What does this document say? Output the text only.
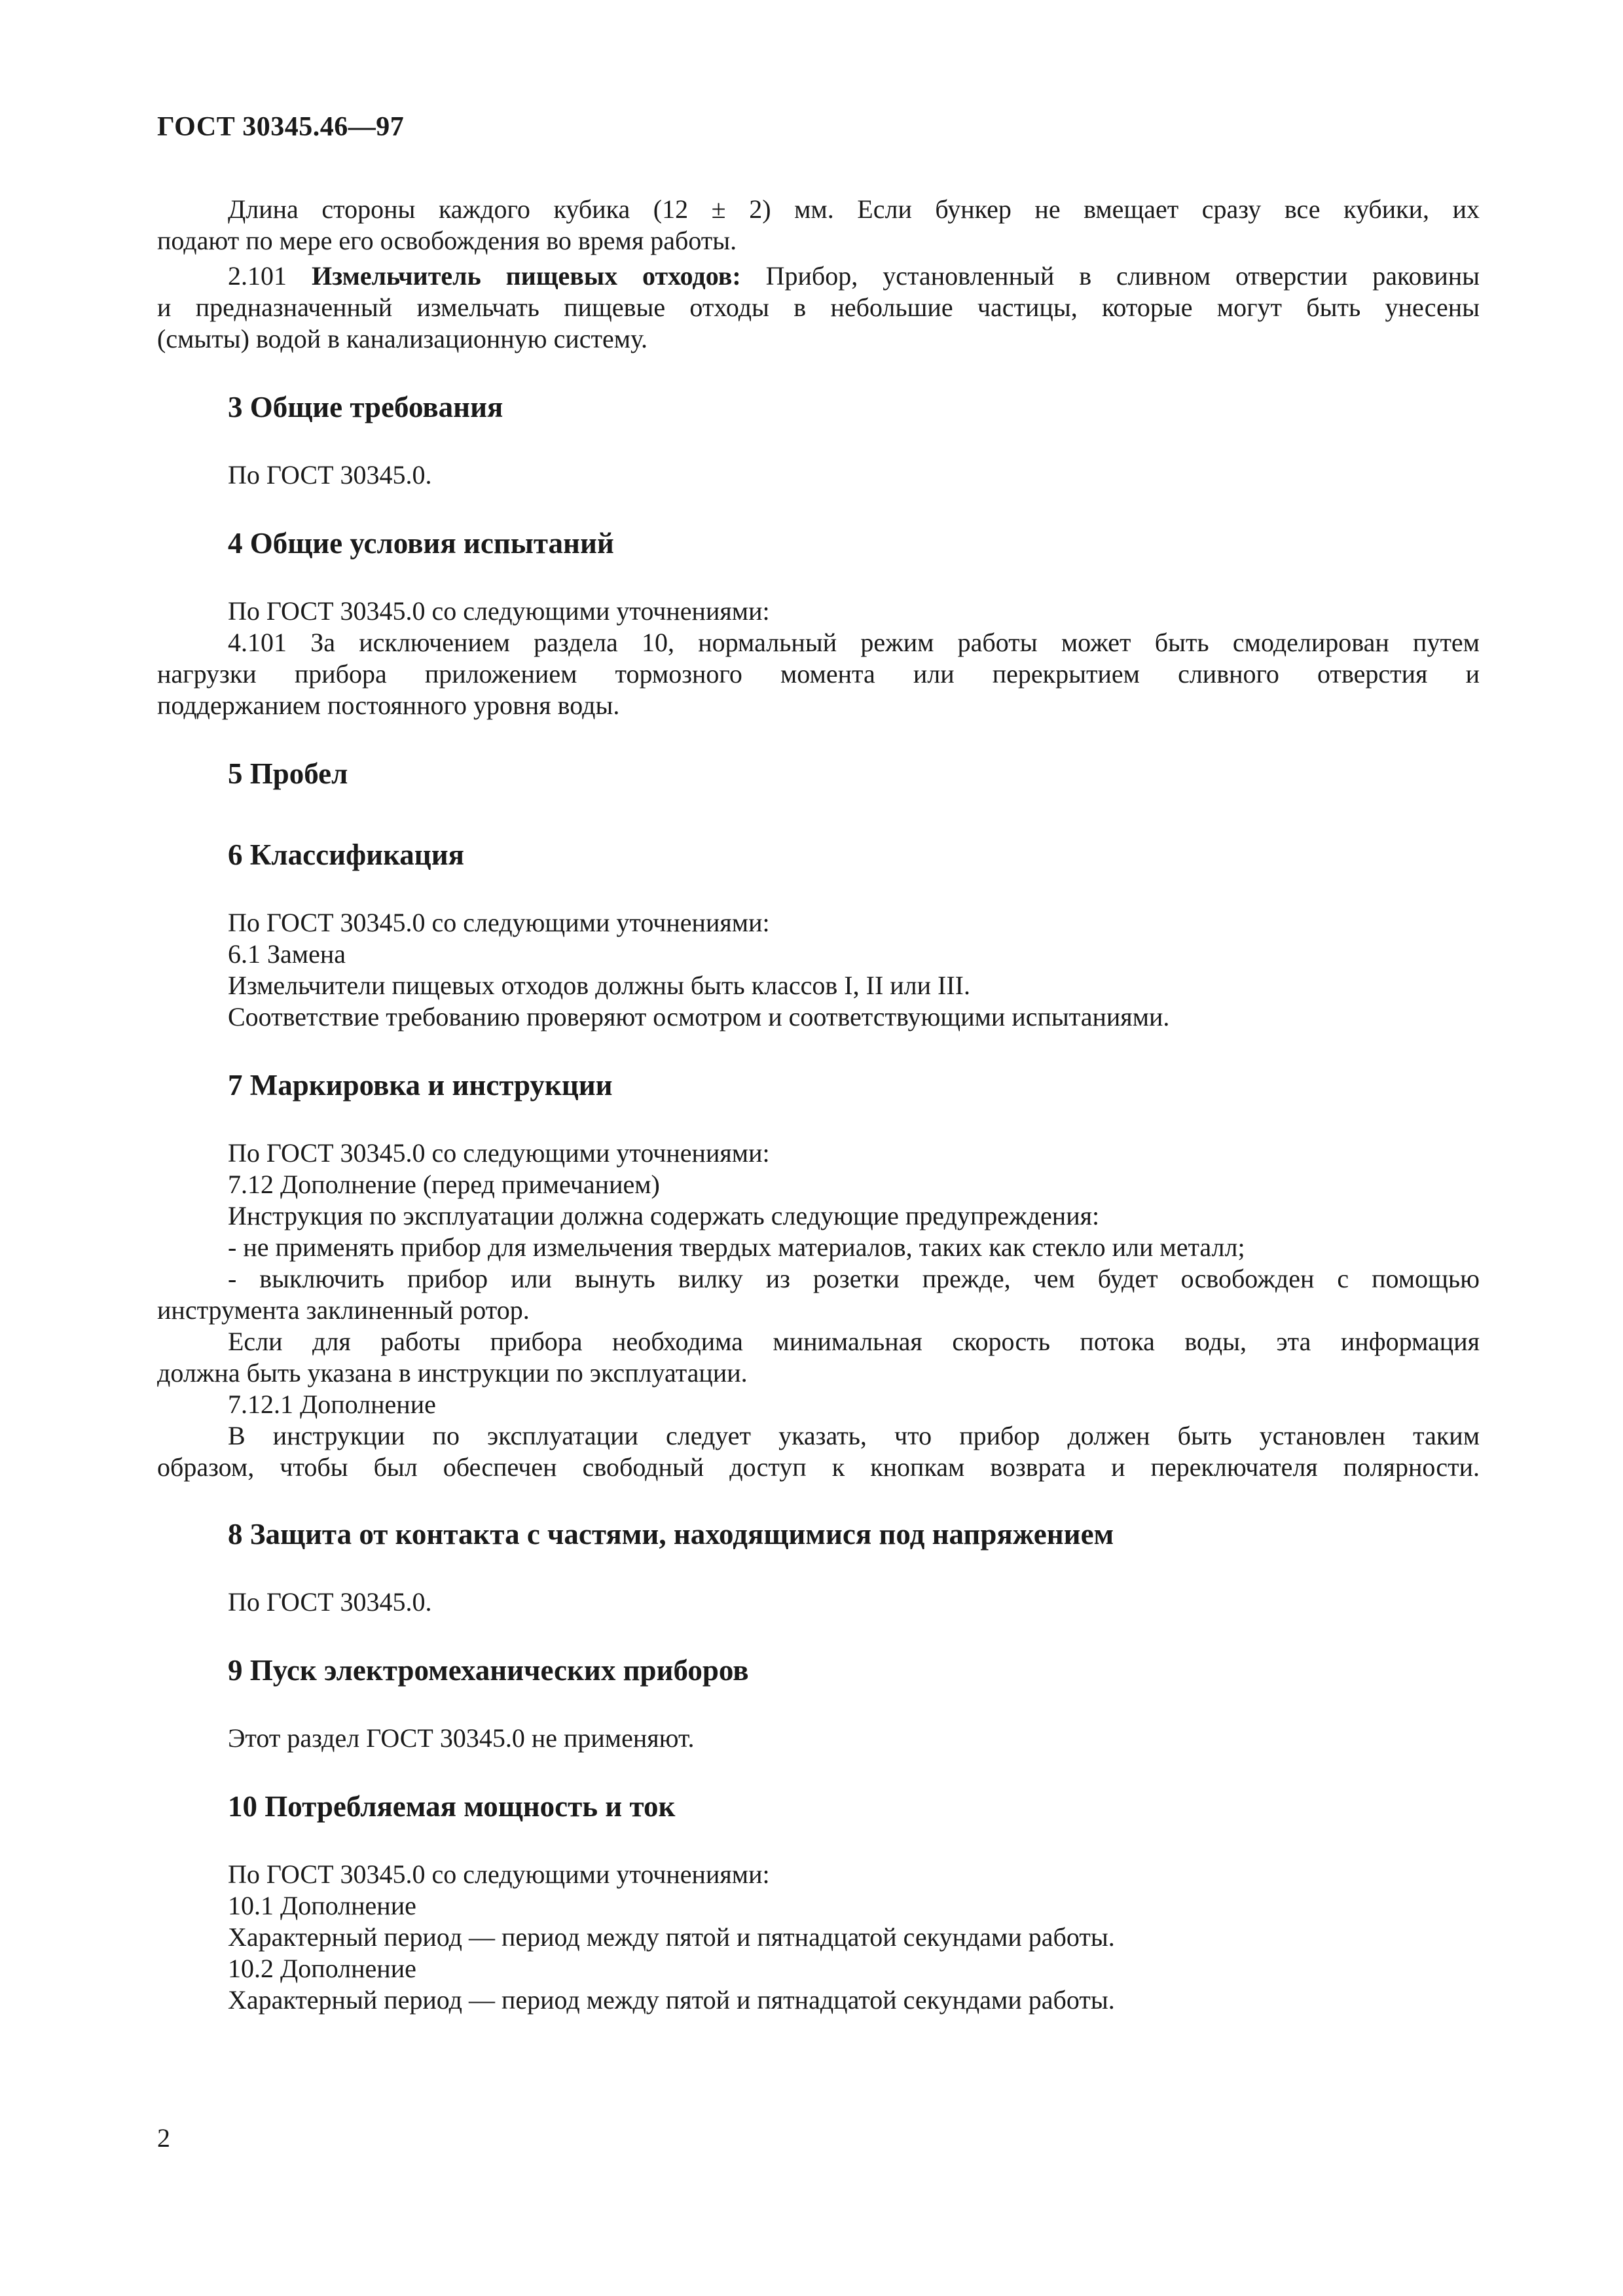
ГОСТ 30345.46—97

Длина стороны каждого кубика (12 ± 2) мм. Если бункер не вмещает сразу все кубики, их

подают по мере его освобождения во время работы.

2.101 Измельчитель пищевых отходов: Прибор, установленный в сливном отверстии раковины

и предназначенный измельчать пищевые отходы в небольшие частицы, которые могут быть унесены

(смыты) водой в канализационную систему.

3 Общие требования

По ГОСТ 30345.0.

4 Общие условия испытаний

По ГОСТ 30345.0 со следующими уточнениями:

4.101 За исключением раздела 10, нормальный режим работы может быть смоделирован путем

нагрузки прибора приложением тормозного момента или перекрытием сливного отверстия и

поддержанием постоянного уровня воды.

5 Пробел
6 Классификация

По ГОСТ 30345.0 со следующими уточнениями:

6.1 Замена

Измельчители пищевых отходов должны быть классов I, II или III.

Соответствие требованию проверяют осмотром и соответствующими испытаниями.

7 Маркировка и инструкции

По ГОСТ 30345.0 со следующими уточнениями:

7.12 Дополнение (перед примечанием)

Инструкция по эксплуатации должна содержать следующие предупреждения:

- не применять прибор для измельчения твердых материалов, таких как стекло или металл;

- выключить прибор или вынуть вилку из розетки прежде, чем будет освобожден с помощью

инструмента заклиненный ротор.

Если для работы прибора необходима минимальная скорость потока воды, эта информация

должна быть указана в инструкции по эксплуатации.

7.12.1 Дополнение

В инструкции по эксплуатации следует указать, что прибор должен быть установлен таким

образом, чтобы был обеспечен свободный доступ к кнопкам возврата и переключателя полярности.

8 Защита от контакта с частями, находящимися под напряжением

По ГОСТ 30345.0.

9 Пуск электромеханических приборов

Этот раздел ГОСТ 30345.0 не применяют.

10 Потребляемая мощность и ток

По ГОСТ 30345.0 со следующими уточнениями:

10.1 Дополнение

Характерный период — период между пятой и пятнадцатой секундами работы.

10.2 Дополнение

Характерный период — период между пятой и пятнадцатой секундами работы.

2
